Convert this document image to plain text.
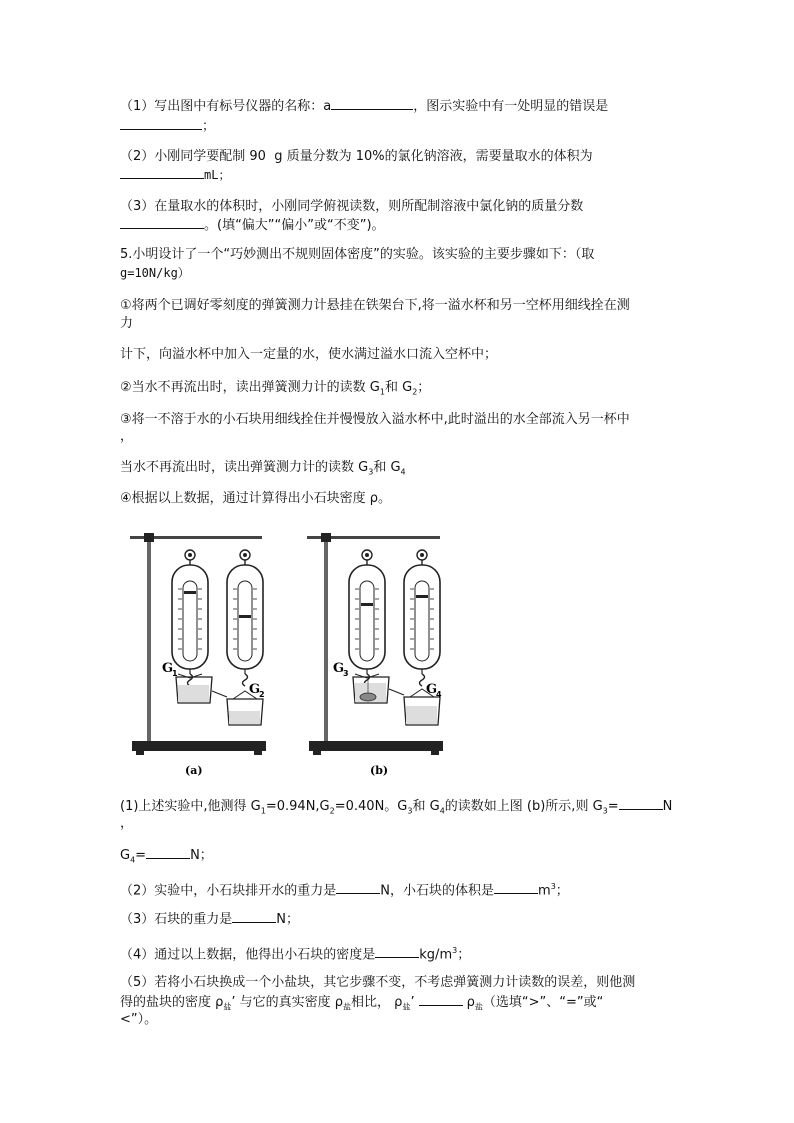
（1）写出图中有标号仪器的名称：a	，图示实验中有一处明显的错误是
；
（2）小刚同学要配制 90  g 质量分数为 10%的氯化钠溶液，需要量取水的体积为
mL；
（3）在量取水的体积时，小刚同学俯视读数，则所配制溶液中氯化钠的质量分数
。(填“偏大”“偏小”或“不变”)。
5.小明设计了一个“巧妙测出不规则固体密度”的实验。该实验的主要步骤如下：（取
g=10N/kg）
①将两个已调好零刻度的弹簧测力计悬挂在铁架台下,将一溢水杯和另一空杯用细线拴在测
力
计下，向溢水杯中加入一定量的水，使水满过溢水口流入空杯中；
②当水不再流出时，读出弹簧测力计的读数 $G_1$和 $G_2$；
③将一不溶于水的小石块用细线拴住并慢慢放入溢水杯中,此时溢出的水全部流入另一杯中
，
当水不再流出时，读出弹簧测力计的读数 $G_3$和 $G_4$
④根据以上数据，通过计算得出小石块密度 ρ。
G
1
G
2
G
3
G
4
(a)	(b)
(1)上述实验中,他测得 $G_1=0.94N,G_2=0.40N$。$G_3$和 $G_4$的读数如上图 (b)所示,则 $G_3=$	N
，
$G_4=$	N；
（2）实验中，小石块排开水的重力是	N，小石块的体积是	$m^3$；
（3）石块的重力是	N；
（4）通过以上数据，他得出小石块的密度是	$kg/m^3$；
（5）若将小石块换成一个小盐块，其它步骤不变，不考虑弹簧测力计读数的误差，则他测
得的盐块的密度 $\rho_盐$’ 与它的真实密度 $\rho_盐$相比， $\rho_盐$’	$\rho_盐$（选填“>”、“=”或“
<”）。
